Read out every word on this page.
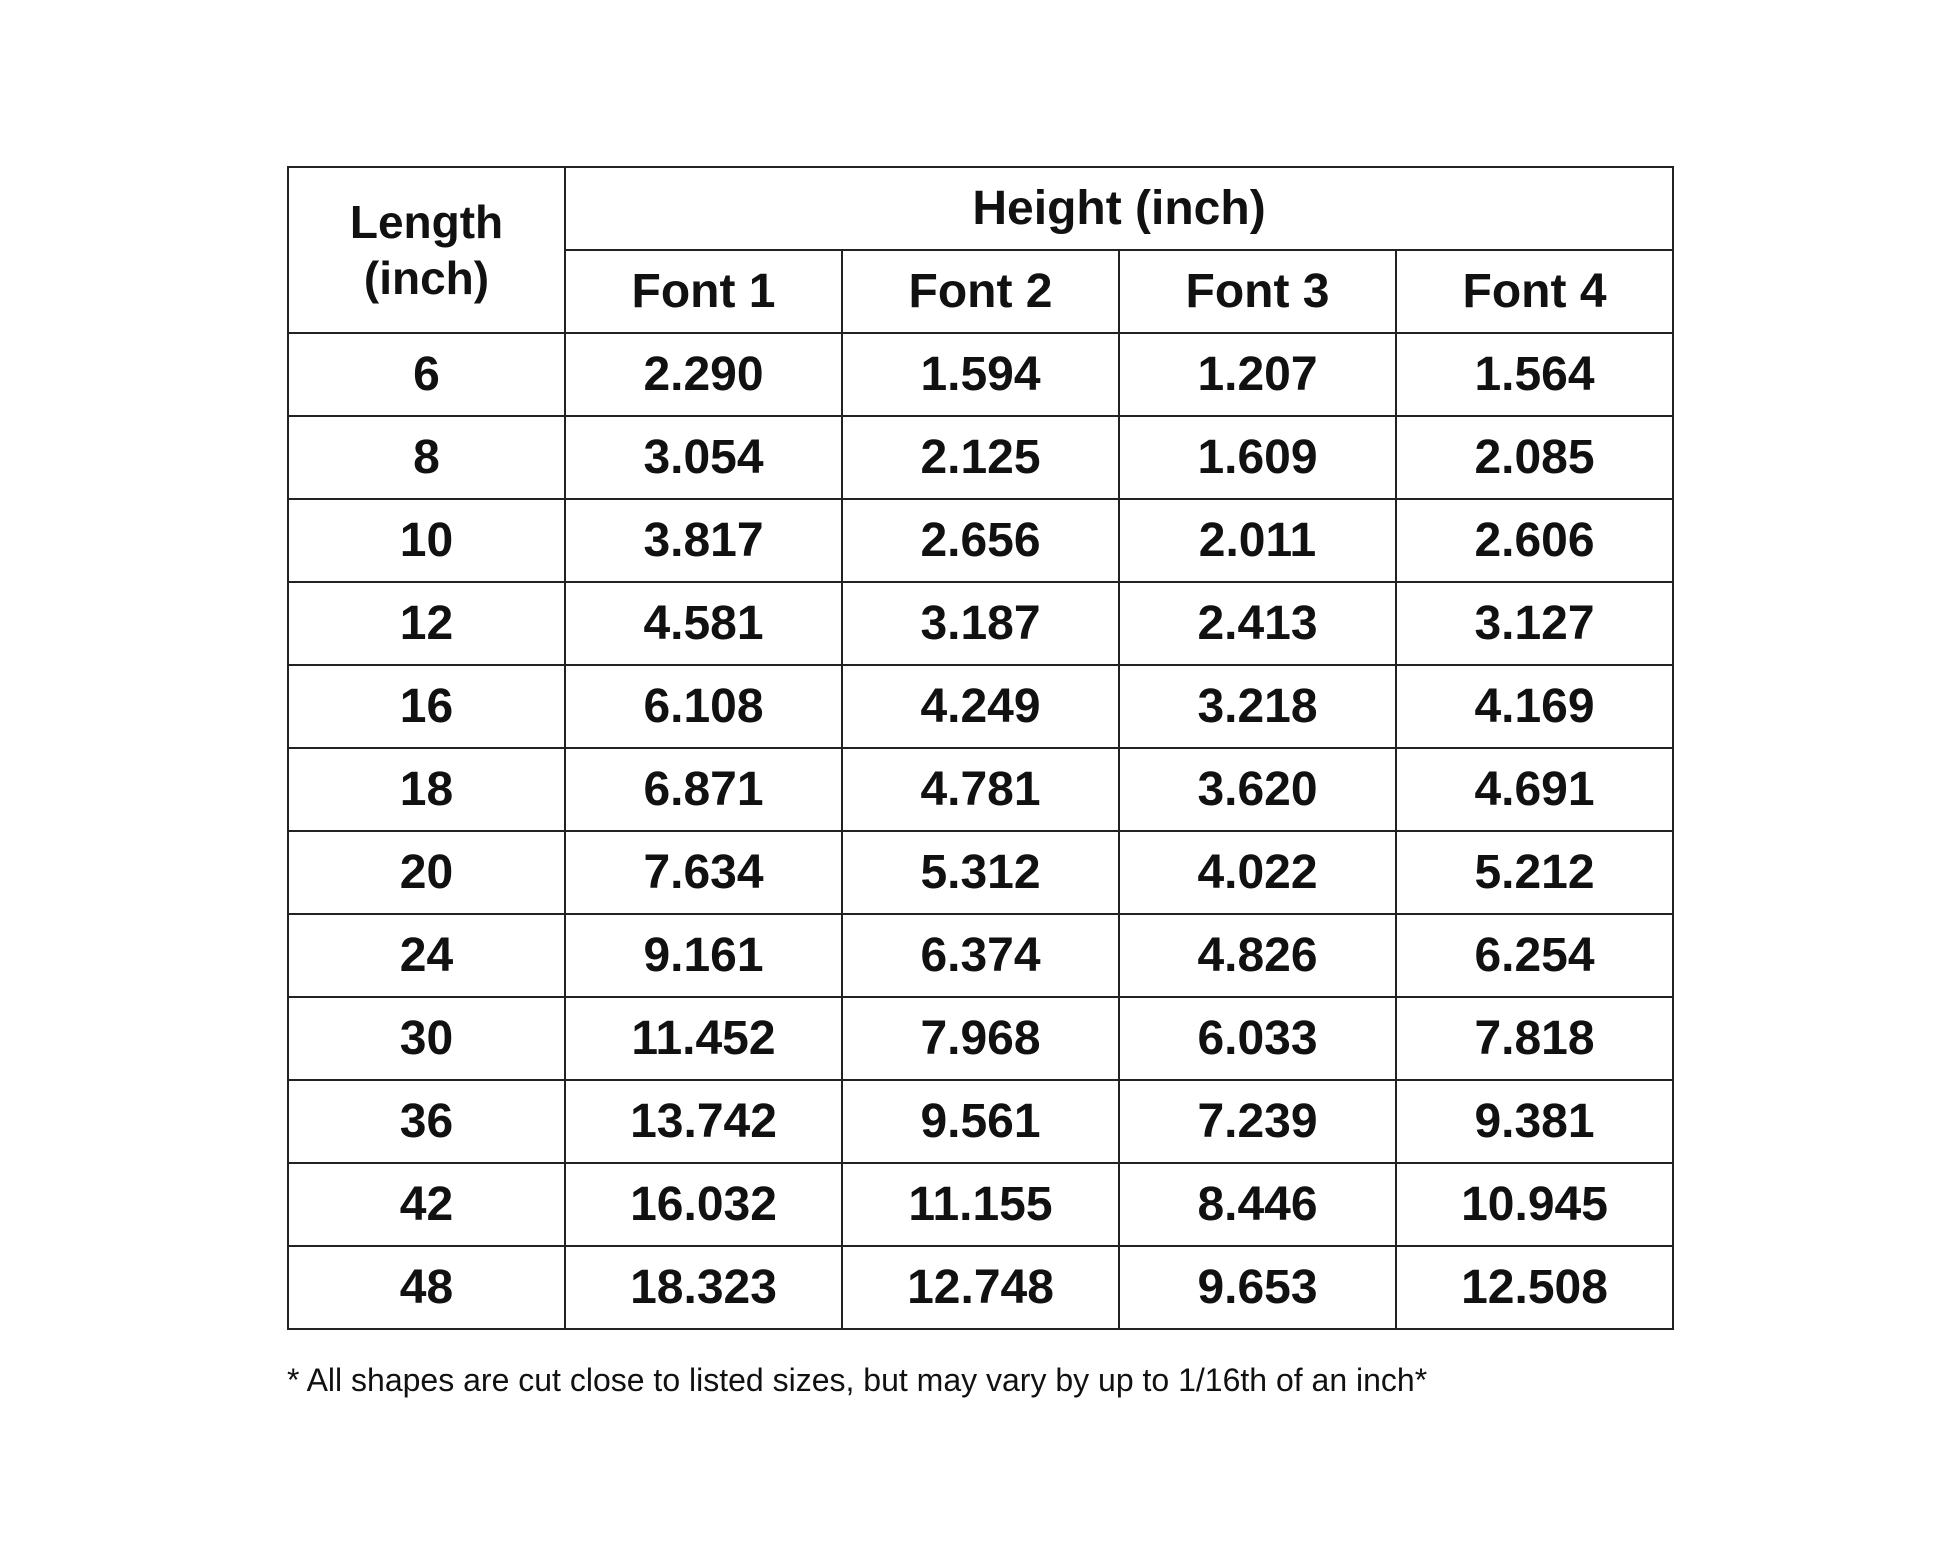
Length
(inch)	Height (inch)			
	Font 1	Font 2	Font 3	Font 4
6	2.290	1.594	1.207	1.564
8	3.054	2.125	1.609	2.085
10	3.817	2.656	2.011	2.606
12	4.581	3.187	2.413	3.127
16	6.108	4.249	3.218	4.169
18	6.871	4.781	3.620	4.691
20	7.634	5.312	4.022	5.212
24	9.161	6.374	4.826	6.254
30	11.452	7.968	6.033	7.818
36	13.742	9.561	7.239	9.381
42	16.032	11.155	8.446	10.945
48	18.323	12.748	9.653	12.508
* All shapes are cut close to listed sizes, but may vary by up to 1/16th of an inch*
